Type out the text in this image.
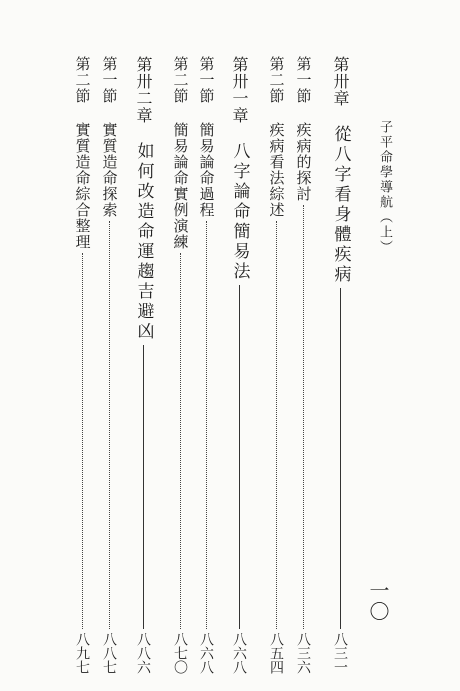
子平命學導航（上）
一〇
第卅章
從八字看身體疾病
八三一
第一節
疾病的探討
八三六
第二節
疾病看法綜述
八五四
第卅一章
八字論命簡易法
八六八
第一節
簡易論命過程
八六八
第二節
簡易論命實例演練
八七〇
第卅二章
如何改造命運趨吉避凶
八八六
第一節
實質造命探索
八八七
第二節
實質造命綜合整理
八九七
